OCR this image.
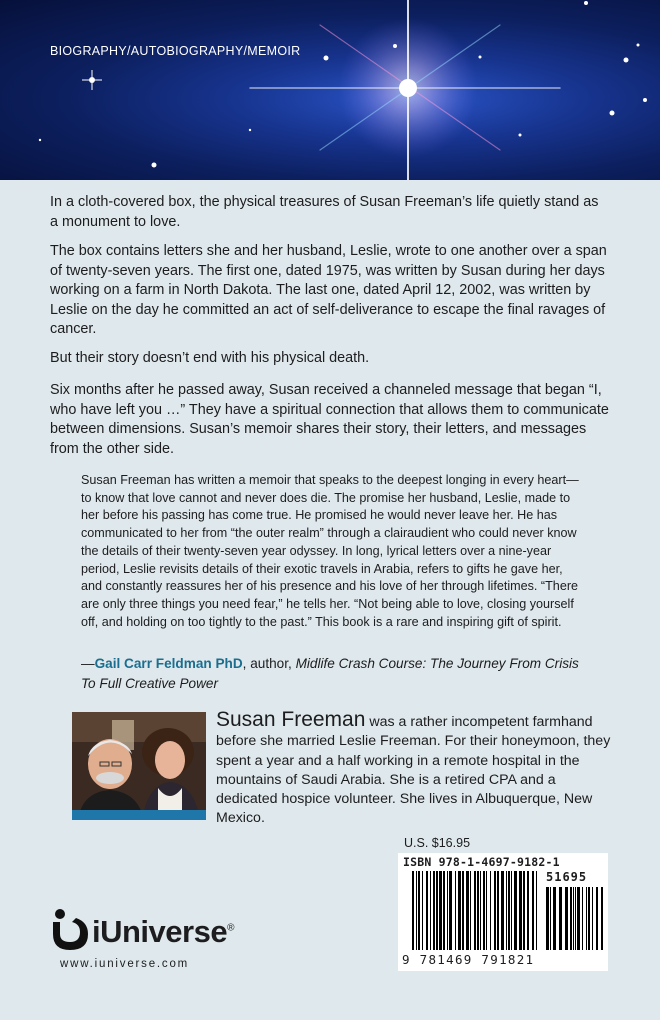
BIOGRAPHY/AUTOBIOGRAPHY/MEMOIR

In a cloth-covered box, the physical treasures of Susan Freeman’s life quietly stand as a monument to love.

The box contains letters she and her husband, Leslie, wrote to one another over a span of twenty-seven years. The first one, dated 1975, was written by Susan during her days working on a farm in North Dakota. The last one, dated April 12, 2002, was written by Leslie on the day he committed an act of self-deliverance to escape the final ravages of cancer.

But their story doesn’t end with his physical death.

Six months after he passed away, Susan received a channeled message that began “I, who have left you …” They have a spiritual connection that allows them to communicate between dimensions. Susan’s memoir shares their story, their letters, and messages from the other side.

Susan Freeman has written a memoir that speaks to the deepest longing in every heart—to know that love cannot and never does die. The promise her husband, Leslie, made to her before his passing has come true. He promised he would never leave her. He has communicated to her from “the outer realm” through a clairaudient who could never know the details of their twenty-seven year odyssey. In long, lyrical letters over a nine-year period, Leslie revisits details of their exotic travels in Arabia, refers to gifts he gave her, and constantly reassures her of his presence and his love of her through lifetimes. “There are only three things you need fear,” he tells her. “Not being able to love, closing yourself off, and holding on too tightly to the past.” This book is a rare and inspiring gift of spirit.

—Gail Carr Feldman PhD, author, Midlife Crash Course: The Journey From Crisis To Full Creative Power

Susan Freeman was a rather incompetent farmhand before she married Leslie Freeman. For their honeymoon, they spent a year and a half working in a remote hospital in the mountains of Saudi Arabia. She is a retired CPA and a dedicated hospice volunteer. She lives in Albuquerque, New Mexico.

U.S. $16.95
ISBN 978-1-4697-9182-1
51695
9 781469 791821
iUniverse®
www.iuniverse.com
